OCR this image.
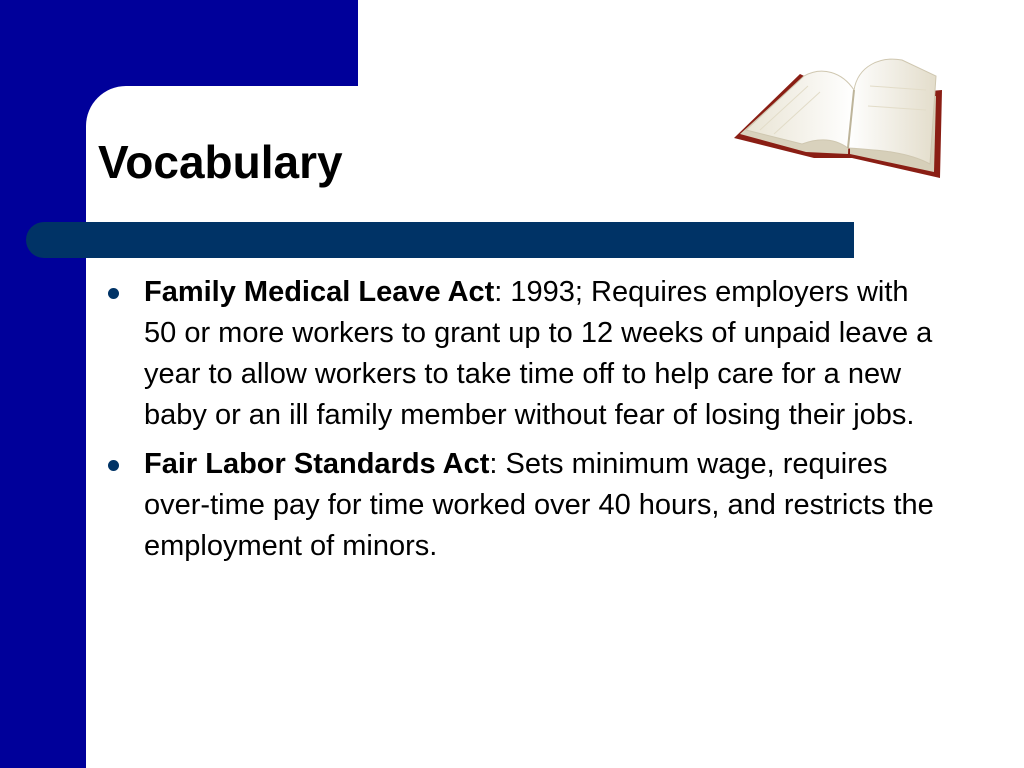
Vocabulary
Family Medical Leave Act: 1993; Requires employers with 50 or more workers to grant up to 12 weeks of unpaid leave a year to allow workers to take time off to help care for a new baby or an ill family member without fear of losing their jobs.
Fair Labor Standards Act: Sets minimum wage, requires over-time pay for time worked over 40 hours, and restricts the employment of minors.
